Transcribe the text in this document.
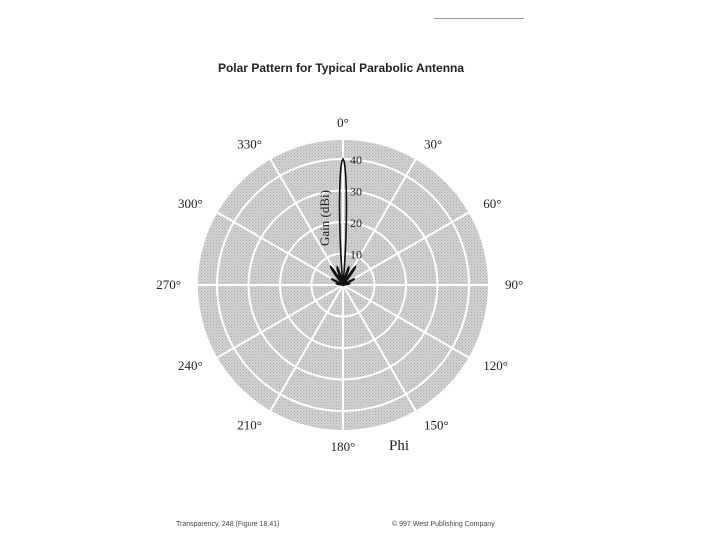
Polar Pattern for Typical Parabolic Antenna
10
20
30
40
0°
30°
60°
90°
120°
150°
180°
210°
240°
270°
300°
330°
Gain (dBi)
Phi
Transparency, 248 (Figure 18.41)	© 997 West Publishing Company
